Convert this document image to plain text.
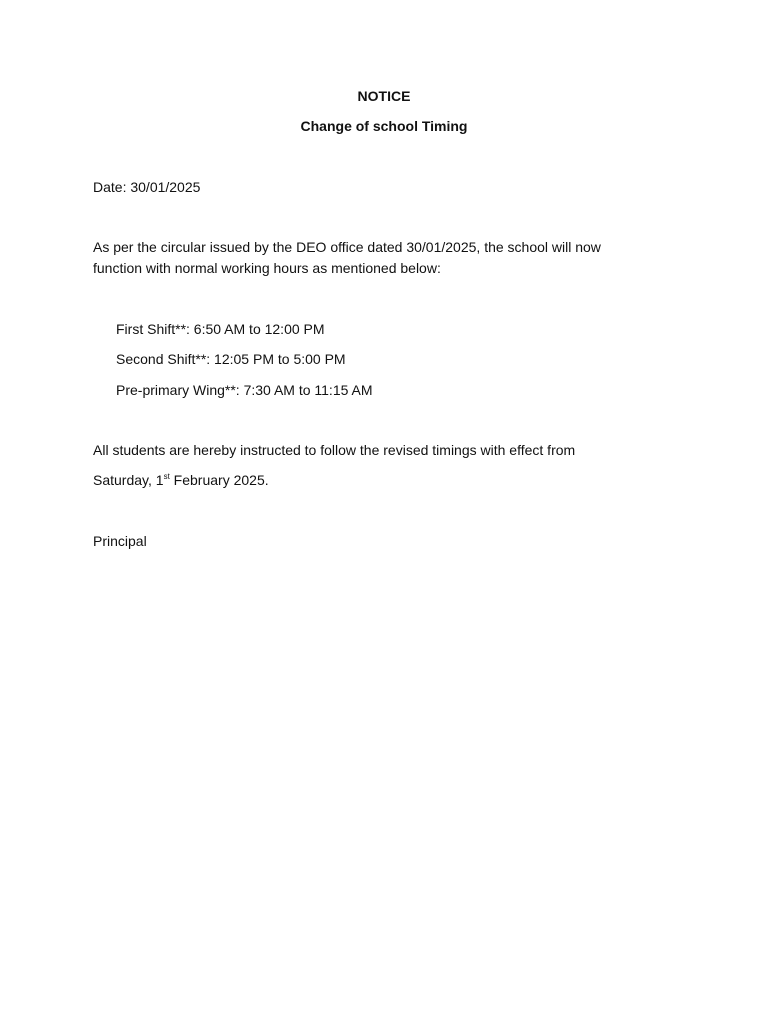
NOTICE
Change of school Timing
Date: 30/01/2025
As per the circular issued by the DEO office dated 30/01/2025, the school will now
function with normal working hours as mentioned below:
First Shift**: 6:50 AM to 12:00 PM
Second Shift**: 12:05 PM to 5:00 PM
Pre-primary Wing**: 7:30 AM to 11:15 AM
All students are hereby instructed to follow the revised timings with effect from
Saturday, 1st February 2025.
Principal
